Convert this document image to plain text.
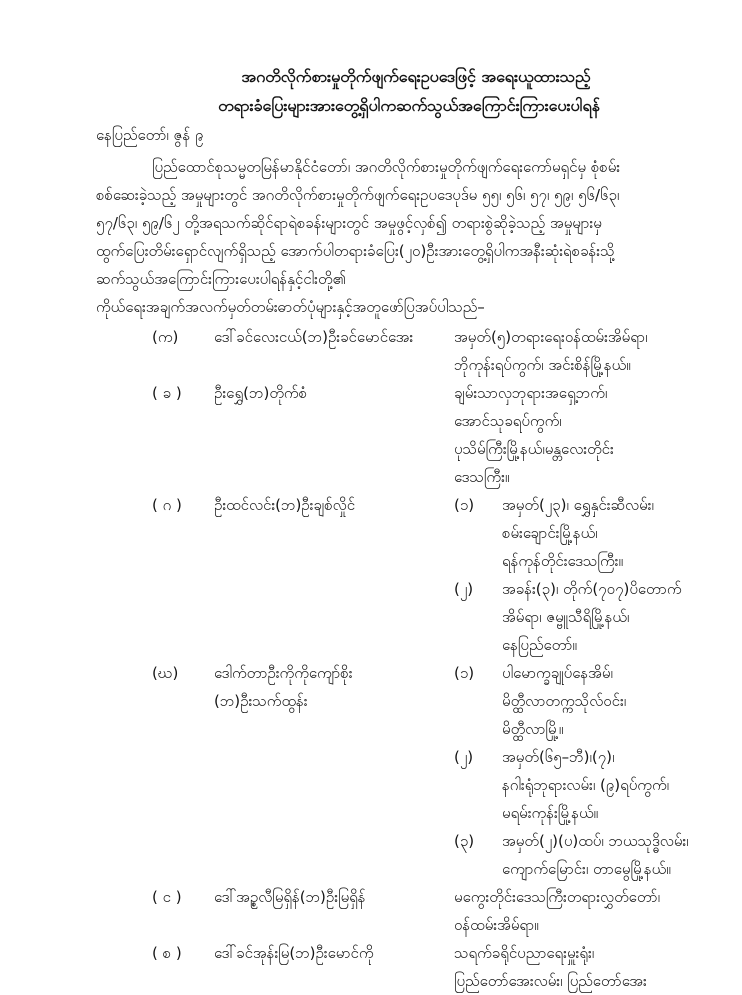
အဂတိလိုက်စားမှုတိုက်ဖျက်ရေးဥပဒေဖြင့် အရေးယူထားသည့်

တရားခံပြေးများအားတွေ့ရှိပါကဆက်သွယ်အကြောင်းကြားပေးပါရန်

နေပြည်တော်၊ ဇွန် ၉
ပြည်ထောင်စုသမ္မတမြန်မာနိုင်ငံတော်၊ အဂတိလိုက်စားမှုတိုက်ဖျက်ရေးကော်မရှင်မှ စုံစမ်း
စစ်ဆေးခဲ့သည့် အမှုများတွင် အဂတိလိုက်စားမှုတိုက်ဖျက်ရေးဥပဒေပုဒ်မ ၅၅၊ ၅၆၊ ၅၇၊ ၅၉၊ ၅၆/၆၃၊
၅၇/၆၃၊ ၅၉/၆၂ တို့အရသက်ဆိုင်ရာရဲစခန်းများတွင် အမှုဖွင့်လှစ်၍ တရားစွဲဆိုခဲ့သည့် အမှုများမှ
ထွက်ပြေးတိမ်းရှောင်လျက်ရှိသည့် အောက်ပါတရားခံပြေး(၂၀)ဦးအားတွေ့ရှိပါကအနီးဆုံးရဲစခန်းသို့
ဆက်သွယ်အကြောင်းကြားပေးပါရန်နှင့်ငါးတို့၏
ကိုယ်ရေးအချက်အလက်မှတ်တမ်းဓာတ်ပုံများနှင့်အတူဖော်ပြအပ်ပါသည်–
(က)	ဒေါ်ခင်လေးငယ်(ဘ)ဦးခင်မောင်အေး	အမှတ်(၅)တရားရေးဝန်ထမ်းအိမ်ရာ၊
ဘိုကုန်းရပ်ကွက်၊ အင်းစိန်မြို့နယ်။
( ခ )	ဦးရွှေ(ဘ)တိုက်စံ	ချမ်းသာလှဘုရားအရှေ့ဘက်၊
အောင်သုခရပ်ကွက်၊
ပုသိမ်ကြီးမြို့နယ်၊မန္တလေးတိုင်း
ဒေသကြီး။
( ဂ )	ဦးထင်လင်း(ဘ)ဦးချစ်လှိုင်	(၁)	အမှတ်(၂၃)၊ ရွှေနှင်းဆီလမ်း၊
စမ်းချောင်းမြို့နယ်၊
ရန်ကုန်တိုင်းဒေသကြီး။
(၂)	အခန်း(၃)၊ တိုက်(၇၀၇)ပိတောက်
အိမ်ရာ၊ ဇမ္ဗူသီရိမြို့နယ်၊
နေပြည်တော်။
(ဃ)	ဒေါက်တာဦးကိုကိုကျော်စိုး
(ဘ)ဦးသက်ထွန်း
(၁)	ပါမောက္ခချုပ်နေအိမ်၊
မိတ္ထီလာတက္ကသိုလ်ဝင်း၊
မိတ္ထီလာမြို့။
(၂)	အမှတ်(၆၅–ဘီ)၊(၇)၊
နဂါးရုံဘုရားလမ်း၊ (၉)ရပ်ကွက်၊
မရမ်းကုန်းမြို့နယ်။
(၃)	အမှတ်(၂)(ပ)ထပ်၊ ဘယသုဒ္ဓိလမ်း၊
ကျောက်မြောင်း၊ တာမွေမြို့နယ်။
( င )	ဒေါ်အဥ္စလီမြရှိန်(ဘ)ဦးမြရှိန်	မကွေးတိုင်းဒေသကြီးတရားလွှတ်တော်၊
ဝန်ထမ်းအိမ်ရာ။
( စ )	ဒေါ်ခင်အုန်းမြ(ဘ)ဦးမောင်ကို	သရက်ခရိုင်ပညာရေးမှူးရုံး၊
ပြည်တော်အေးလမ်း၊ ပြည်တော်အေး
